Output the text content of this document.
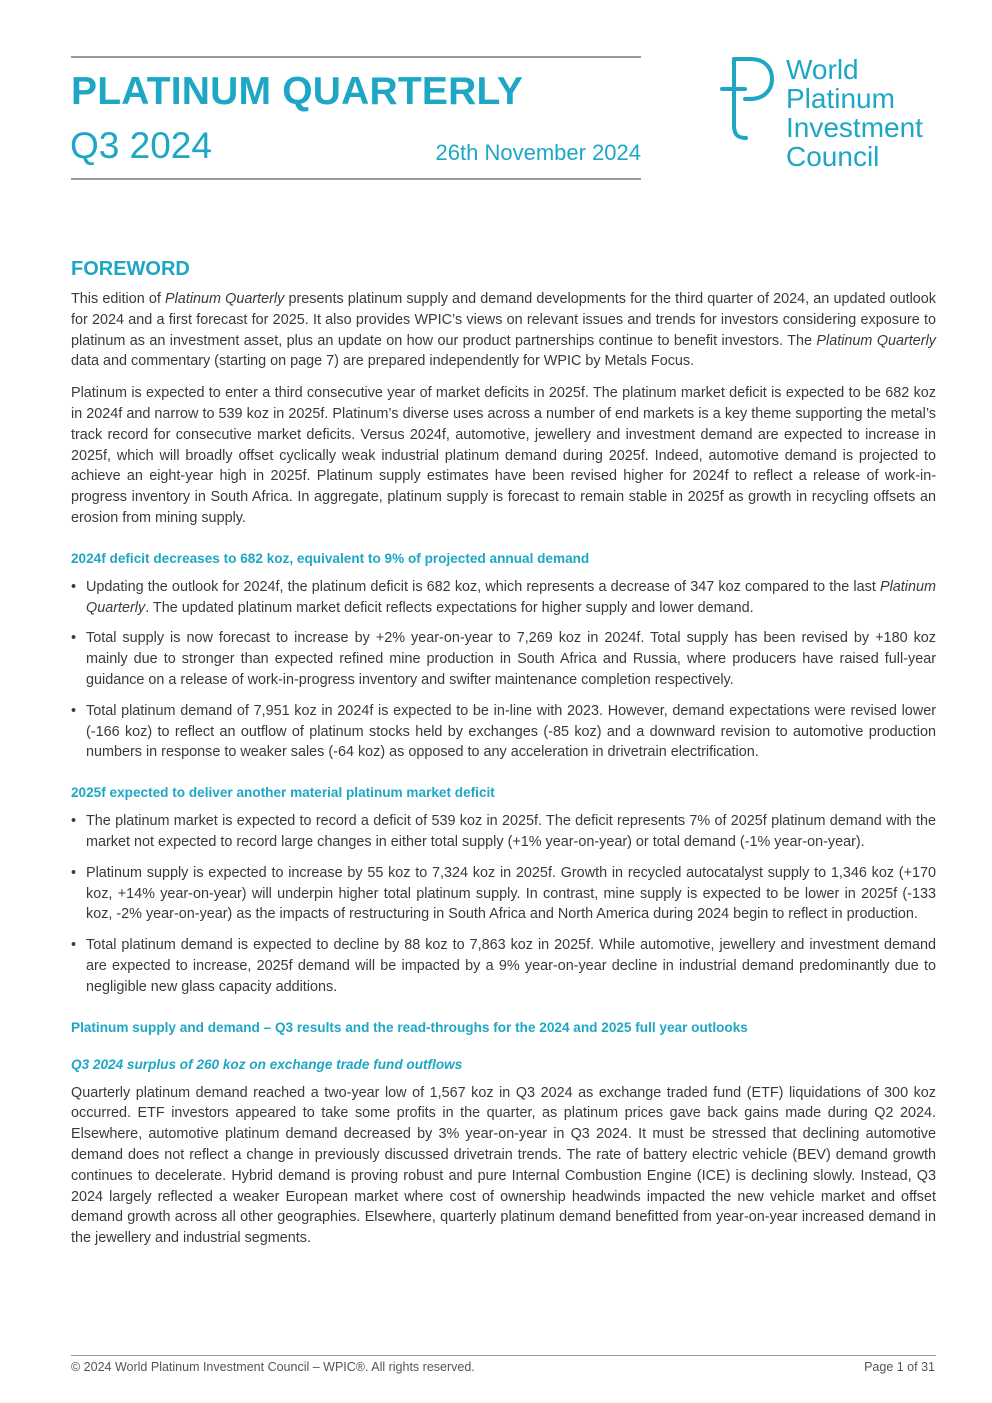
PLATINUM QUARTERLY
Q3 2024	26th November 2024
World
Platinum
Investment
Council
FOREWORD

This edition of Platinum Quarterly presents platinum supply and demand developments for the third quarter of 2024, an updated outlook for 2024 and a first forecast for 2025. It also provides WPIC’s views on relevant issues and trends for investors considering exposure to platinum as an investment asset, plus an update on how our product partnerships continue to benefit investors. The Platinum Quarterly data and commentary (starting on page 7) are prepared independently for WPIC by Metals Focus.

Platinum is expected to enter a third consecutive year of market deficits in 2025f. The platinum market deficit is expected to be 682 koz in 2024f and narrow to 539 koz in 2025f. Platinum’s diverse uses across a number of end markets is a key theme supporting the metal’s track record for consecutive market deficits. Versus 2024f, automotive, jewellery and investment demand are expected to increase in 2025f, which will broadly offset cyclically weak industrial platinum demand during 2025f. Indeed, automotive demand is projected to achieve an eight-year high in 2025f. Platinum supply estimates have been revised higher for 2024f to reflect a release of work-in-progress inventory in South Africa. In aggregate, platinum supply is forecast to remain stable in 2025f as growth in recycling offsets an erosion from mining supply.

2024f deficit decreases to 682 koz, equivalent to 9% of projected annual demand
• Updating the outlook for 2024f, the platinum deficit is 682 koz, which represents a decrease of 347 koz compared to the last Platinum Quarterly. The updated platinum market deficit reflects expectations for higher supply and lower demand.
• Total supply is now forecast to increase by +2% year-on-year to 7,269 koz in 2024f. Total supply has been revised by +180 koz mainly due to stronger than expected refined mine production in South Africa and Russia, where producers have raised full-year guidance on a release of work-in-progress inventory and swifter maintenance completion respectively.
• Total platinum demand of 7,951 koz in 2024f is expected to be in-line with 2023. However, demand expectations were revised lower (-166 koz) to reflect an outflow of platinum stocks held by exchanges (-85 koz) and a downward revision to automotive production numbers in response to weaker sales (-64 koz) as opposed to any acceleration in drivetrain electrification.
2025f expected to deliver another material platinum market deficit
• The platinum market is expected to record a deficit of 539 koz in 2025f. The deficit represents 7% of 2025f platinum demand with the market not expected to record large changes in either total supply (+1% year-on-year) or total demand (-1% year-on-year).
• Platinum supply is expected to increase by 55 koz to 7,324 koz in 2025f. Growth in recycled autocatalyst supply to 1,346 koz (+170 koz, +14% year-on-year) will underpin higher total platinum supply. In contrast, mine supply is expected to be lower in 2025f (-133 koz, -2% year-on-year) as the impacts of restructuring in South Africa and North America during 2024 begin to reflect in production.
• Total platinum demand is expected to decline by 88 koz to 7,863 koz in 2025f. While automotive, jewellery and investment demand are expected to increase, 2025f demand will be impacted by a 9% year-on-year decline in industrial demand predominantly due to negligible new glass capacity additions.
Platinum supply and demand – Q3 results and the read-throughs for the 2024 and 2025 full year outlooks
Q3 2024 surplus of 260 koz on exchange trade fund outflows

Quarterly platinum demand reached a two-year low of 1,567 koz in Q3 2024 as exchange traded fund (ETF) liquidations of 300 koz occurred. ETF investors appeared to take some profits in the quarter, as platinum prices gave back gains made during Q2 2024. Elsewhere, automotive platinum demand decreased by 3% year-on-year in Q3 2024. It must be stressed that declining automotive demand does not reflect a change in previously discussed drivetrain trends. The rate of battery electric vehicle (BEV) demand growth continues to decelerate. Hybrid demand is proving robust and pure Internal Combustion Engine (ICE) is declining slowly. Instead, Q3 2024 largely reflected a weaker European market where cost of ownership headwinds impacted the new vehicle market and offset demand growth across all other geographies. Elsewhere, quarterly platinum demand benefitted from year-on-year increased demand in the jewellery and industrial segments.

© 2024 World Platinum Investment Council – WPIC®. All rights reserved.	Page 1 of 31
